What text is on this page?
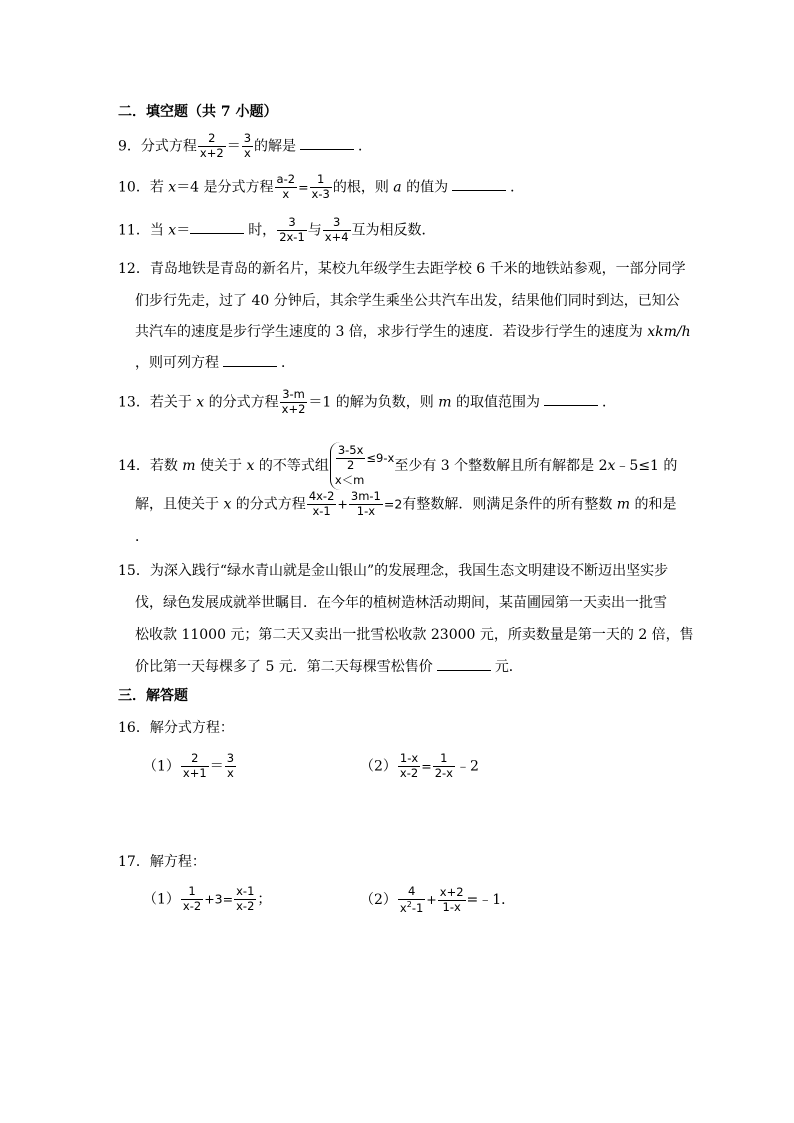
二．填空题（共 7 小题）
9．分式方程 $\frac{2}{x+2} = \frac{3}{x}$ 的解是	．
10．若 x＝4 是分式方程 $\frac{a-2}{x} = \frac{1}{x-3}$ 的根，则 a 的值为	．
11．当 x＝	时， $\frac{3}{2x-1}$ 与 $\frac{3}{x+4}$ 互为相反数．
12．青岛地铁是青岛的新名片，某校九年级学生去距学校 6 千米的地铁站参观，一部分同学
们步行先走，过了 40 分钟后，其余学生乘坐公共汽车出发，结果他们同时到达，已知公
共汽车的速度是步行学生速度的 3 倍，求步行学生的速度．若设步行学生的速度为 xkm/h
，则可列方程	．
13．若关于 x 的分式方程 $\frac{3-m}{x+2} =1$ 的解为负数，则 m 的取值范围为	．
14．若数 m 使关于 x 的不等式组 $\frac{3-5x}{2} \le 9-x$
x＜m
至少有 3 个整数解且所有解都是 2x﹣5≤1 的
解，且使关于 x 的分式方程 $\frac{4x-2}{x-1} + \frac{3m-1}{1-x} =2$有整数解．则满足条件的所有整数 m 的和是
．
15．为深入践行“绿水青山就是金山银山”的发展理念，我国生态文明建设不断迈出坚实步
伐，绿色发展成就举世瞩目．在今年的植树造林活动期间，某苗圃园第一天卖出一批雪
松收款 11000 元；第二天又卖出一批雪松收款 23000 元，所卖数量是第一天的 2 倍，售
价比第一天每棵多了 5 元．第二天每棵雪松售价	元．
三．解答题
16．解分式方程：
$(1) \frac{2}{x+1} = \frac{3}{x}$	$(2) \frac{1-x}{x-2} = \frac{1}{2-x}$ ﹣2
17．解方程：
$(1) \frac{1}{x-2} +3= \frac{x-1}{x-2}$ ；	$(2) \frac{4}{x^2-1} + \frac{x+2}{1-x}$ =﹣1．
